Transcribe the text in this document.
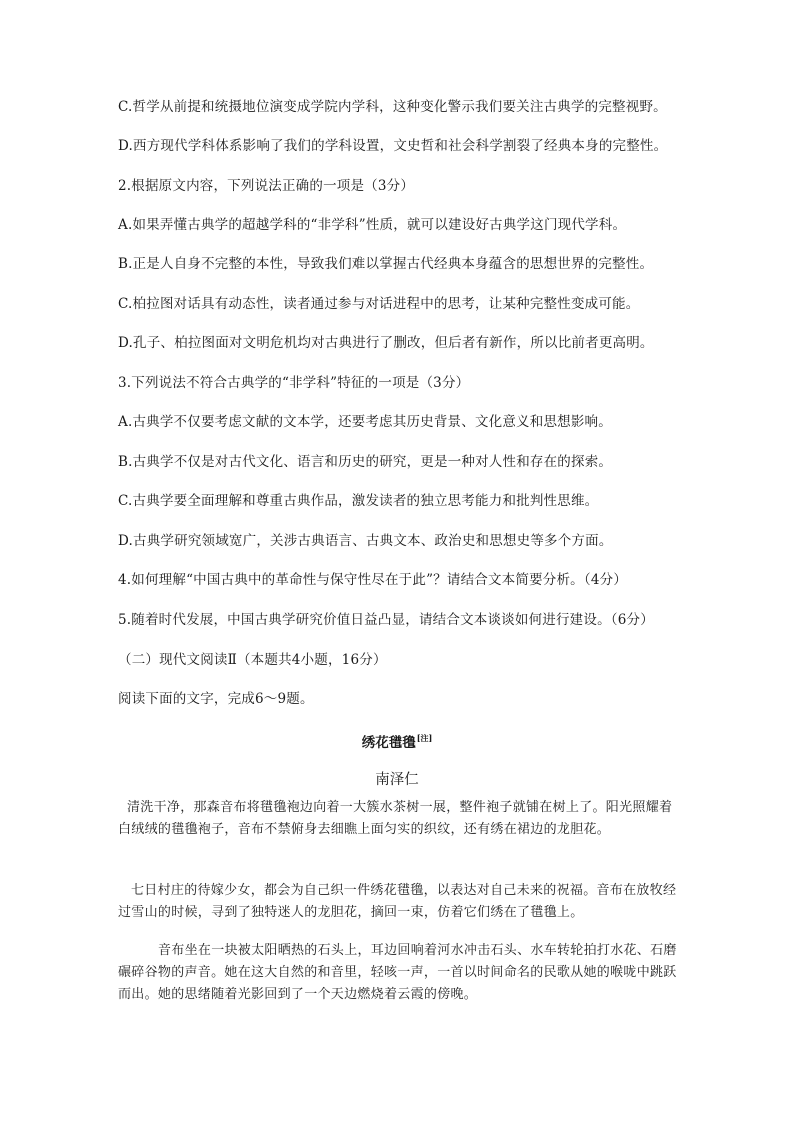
C.哲学从前提和统摄地位演变成学院内学科，这种变化警示我们要关注古典学的完整视野。
D.西方现代学科体系影响了我们的学科设置，文史哲和社会科学割裂了经典本身的完整性。
2.根据原文内容，下列说法正确的一项是（3分）
A.如果弄懂古典学的超越学科的“非学科”性质，就可以建设好古典学这门现代学科。
B.正是人自身不完整的本性，导致我们难以掌握古代经典本身蕴含的思想世界的完整性。
C.柏拉图对话具有动态性，读者通过参与对话进程中的思考，让某种完整性变成可能。
D.孔子、柏拉图面对文明危机均对古典进行了删改，但后者有新作，所以比前者更高明。
3.下列说法不符合古典学的“非学科”特征的一项是（3分）
A.古典学不仅要考虑文献的文本学，还要考虑其历史背景、文化意义和思想影响。
B.古典学不仅是对古代文化、语言和历史的研究，更是一种对人性和存在的探索。
C.古典学要全面理解和尊重古典作品，激发读者的独立思考能力和批判性思维。
D.古典学研究领域宽广，关涉古典语言、古典文本、政治史和思想史等多个方面。
4.如何理解“中国古典中的革命性与保守性尽在于此”？请结合文本简要分析。（4分）
5.随着时代发展，中国古典学研究价值日益凸显，请结合文本谈谈如何进行建设。（6分）
（二）现代文阅读Ⅱ（本题共4小题，16分）
阅读下面的文字，完成6～9题。
绣花氆氇[注]
南泽仁

清洗干净，那森音布将氆氇袍边向着一大簇水茶树一展，整件袍子就铺在树上了。阳光照耀着白绒绒的氆氇袍子，音布不禁俯身去细瞧上面匀实的织纹，还有绣在裙边的龙胆花。

七日村庄的待嫁少女，都会为自己织一件绣花氆氇，以表达对自己未来的祝福。音布在放牧经过雪山的时候，寻到了独特迷人的龙胆花，摘回一束，仿着它们绣在了氆氇上。

音布坐在一块被太阳晒热的石头上，耳边回响着河水冲击石头、水车转轮拍打水花、石磨碾碎谷物的声音。她在这大自然的和音里，轻咳一声，一首以时间命名的民歌从她的喉咙中跳跃而出。她的思绪随着光影回到了一个天边燃烧着云霞的傍晚。
